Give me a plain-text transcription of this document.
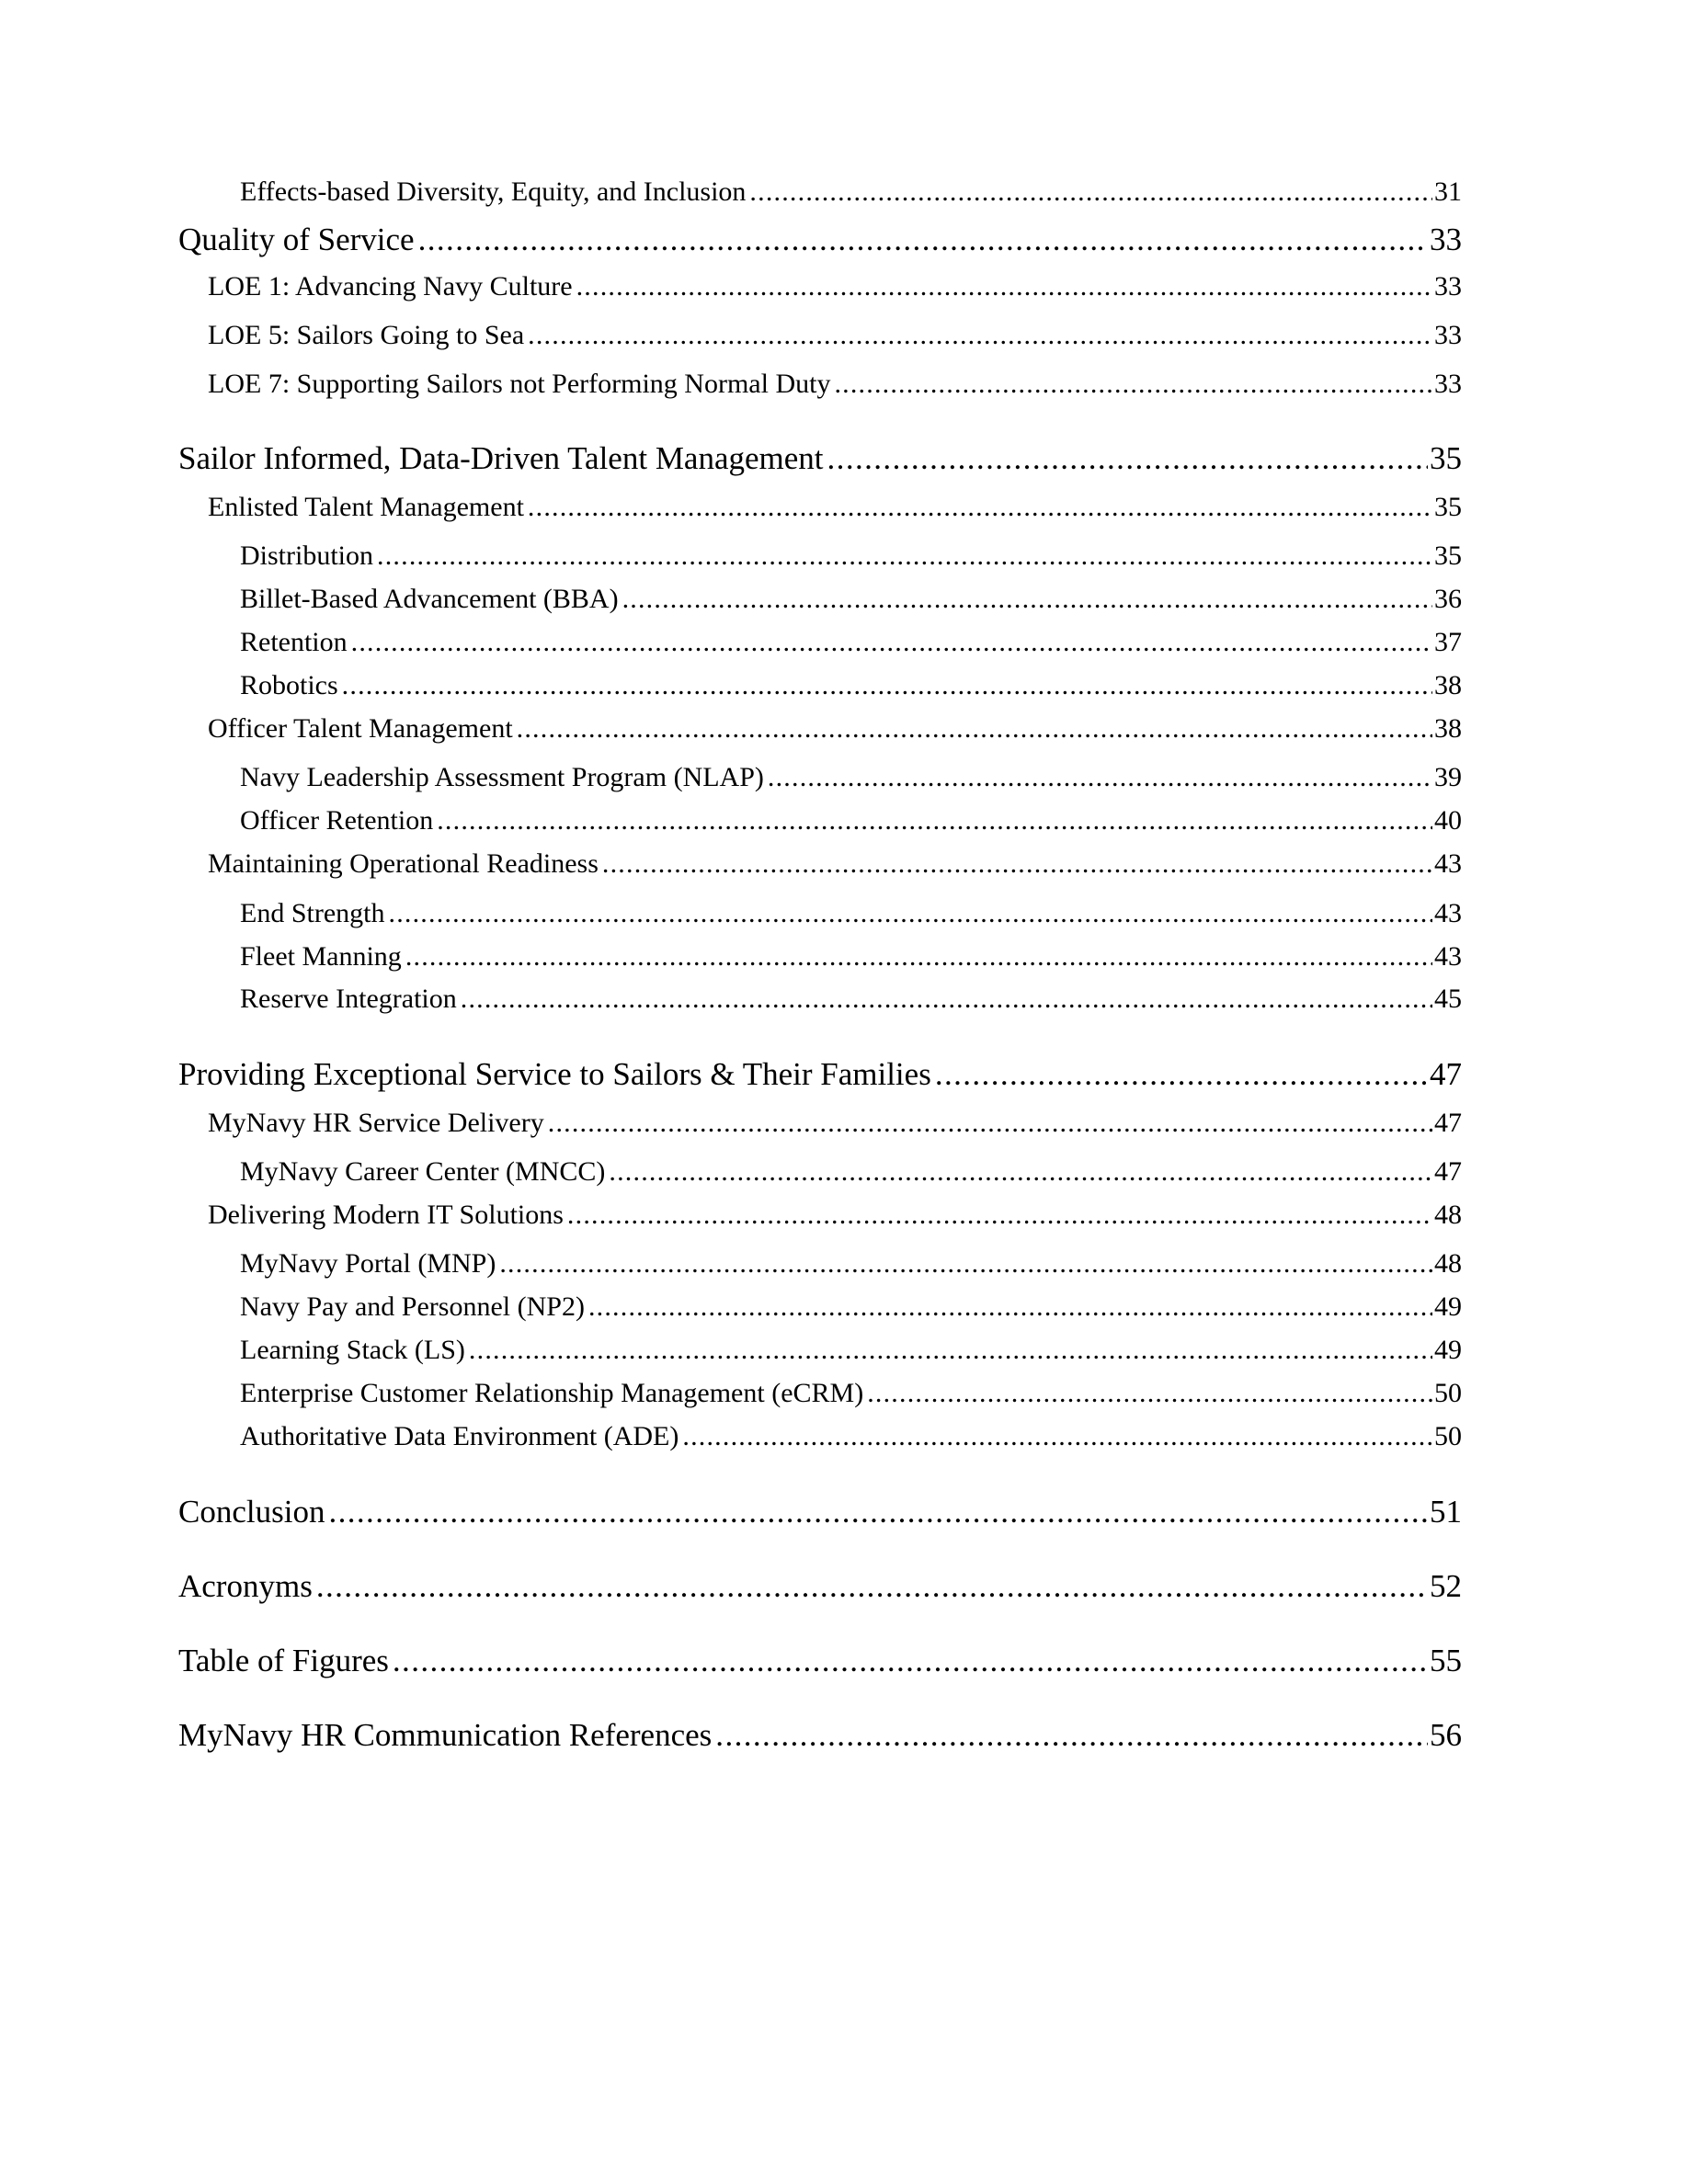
Effects-based Diversity, Equity, and Inclusion .....	31
Quality of Service .....	33
LOE 1: Advancing Navy Culture .....	33
LOE 5: Sailors Going to Sea .....	33
LOE 7: Supporting Sailors not Performing Normal Duty .....	33
Sailor Informed, Data-Driven Talent Management .....	35
Enlisted Talent Management .....	35
Distribution .....	35
Billet-Based Advancement (BBA) .....	36
Retention .....	37
Robotics .....	38
Officer Talent Management .....	38
Navy Leadership Assessment Program (NLAP) .....	39
Officer Retention .....	40
Maintaining Operational Readiness .....	43
End Strength .....	43
Fleet Manning .....	43
Reserve Integration .....	45
Providing Exceptional Service to Sailors & Their Families .....	47
MyNavy HR Service Delivery .....	47
MyNavy Career Center (MNCC) .....	47
Delivering Modern IT Solutions .....	48
MyNavy Portal (MNP) .....	48
Navy Pay and Personnel (NP2) .....	49
Learning Stack (LS) .....	49
Enterprise Customer Relationship Management (eCRM) .....	50
Authoritative Data Environment (ADE) .....	50
Conclusion .....	51
Acronyms .....	52
Table of Figures .....	55
MyNavy HR Communication References .....	56
